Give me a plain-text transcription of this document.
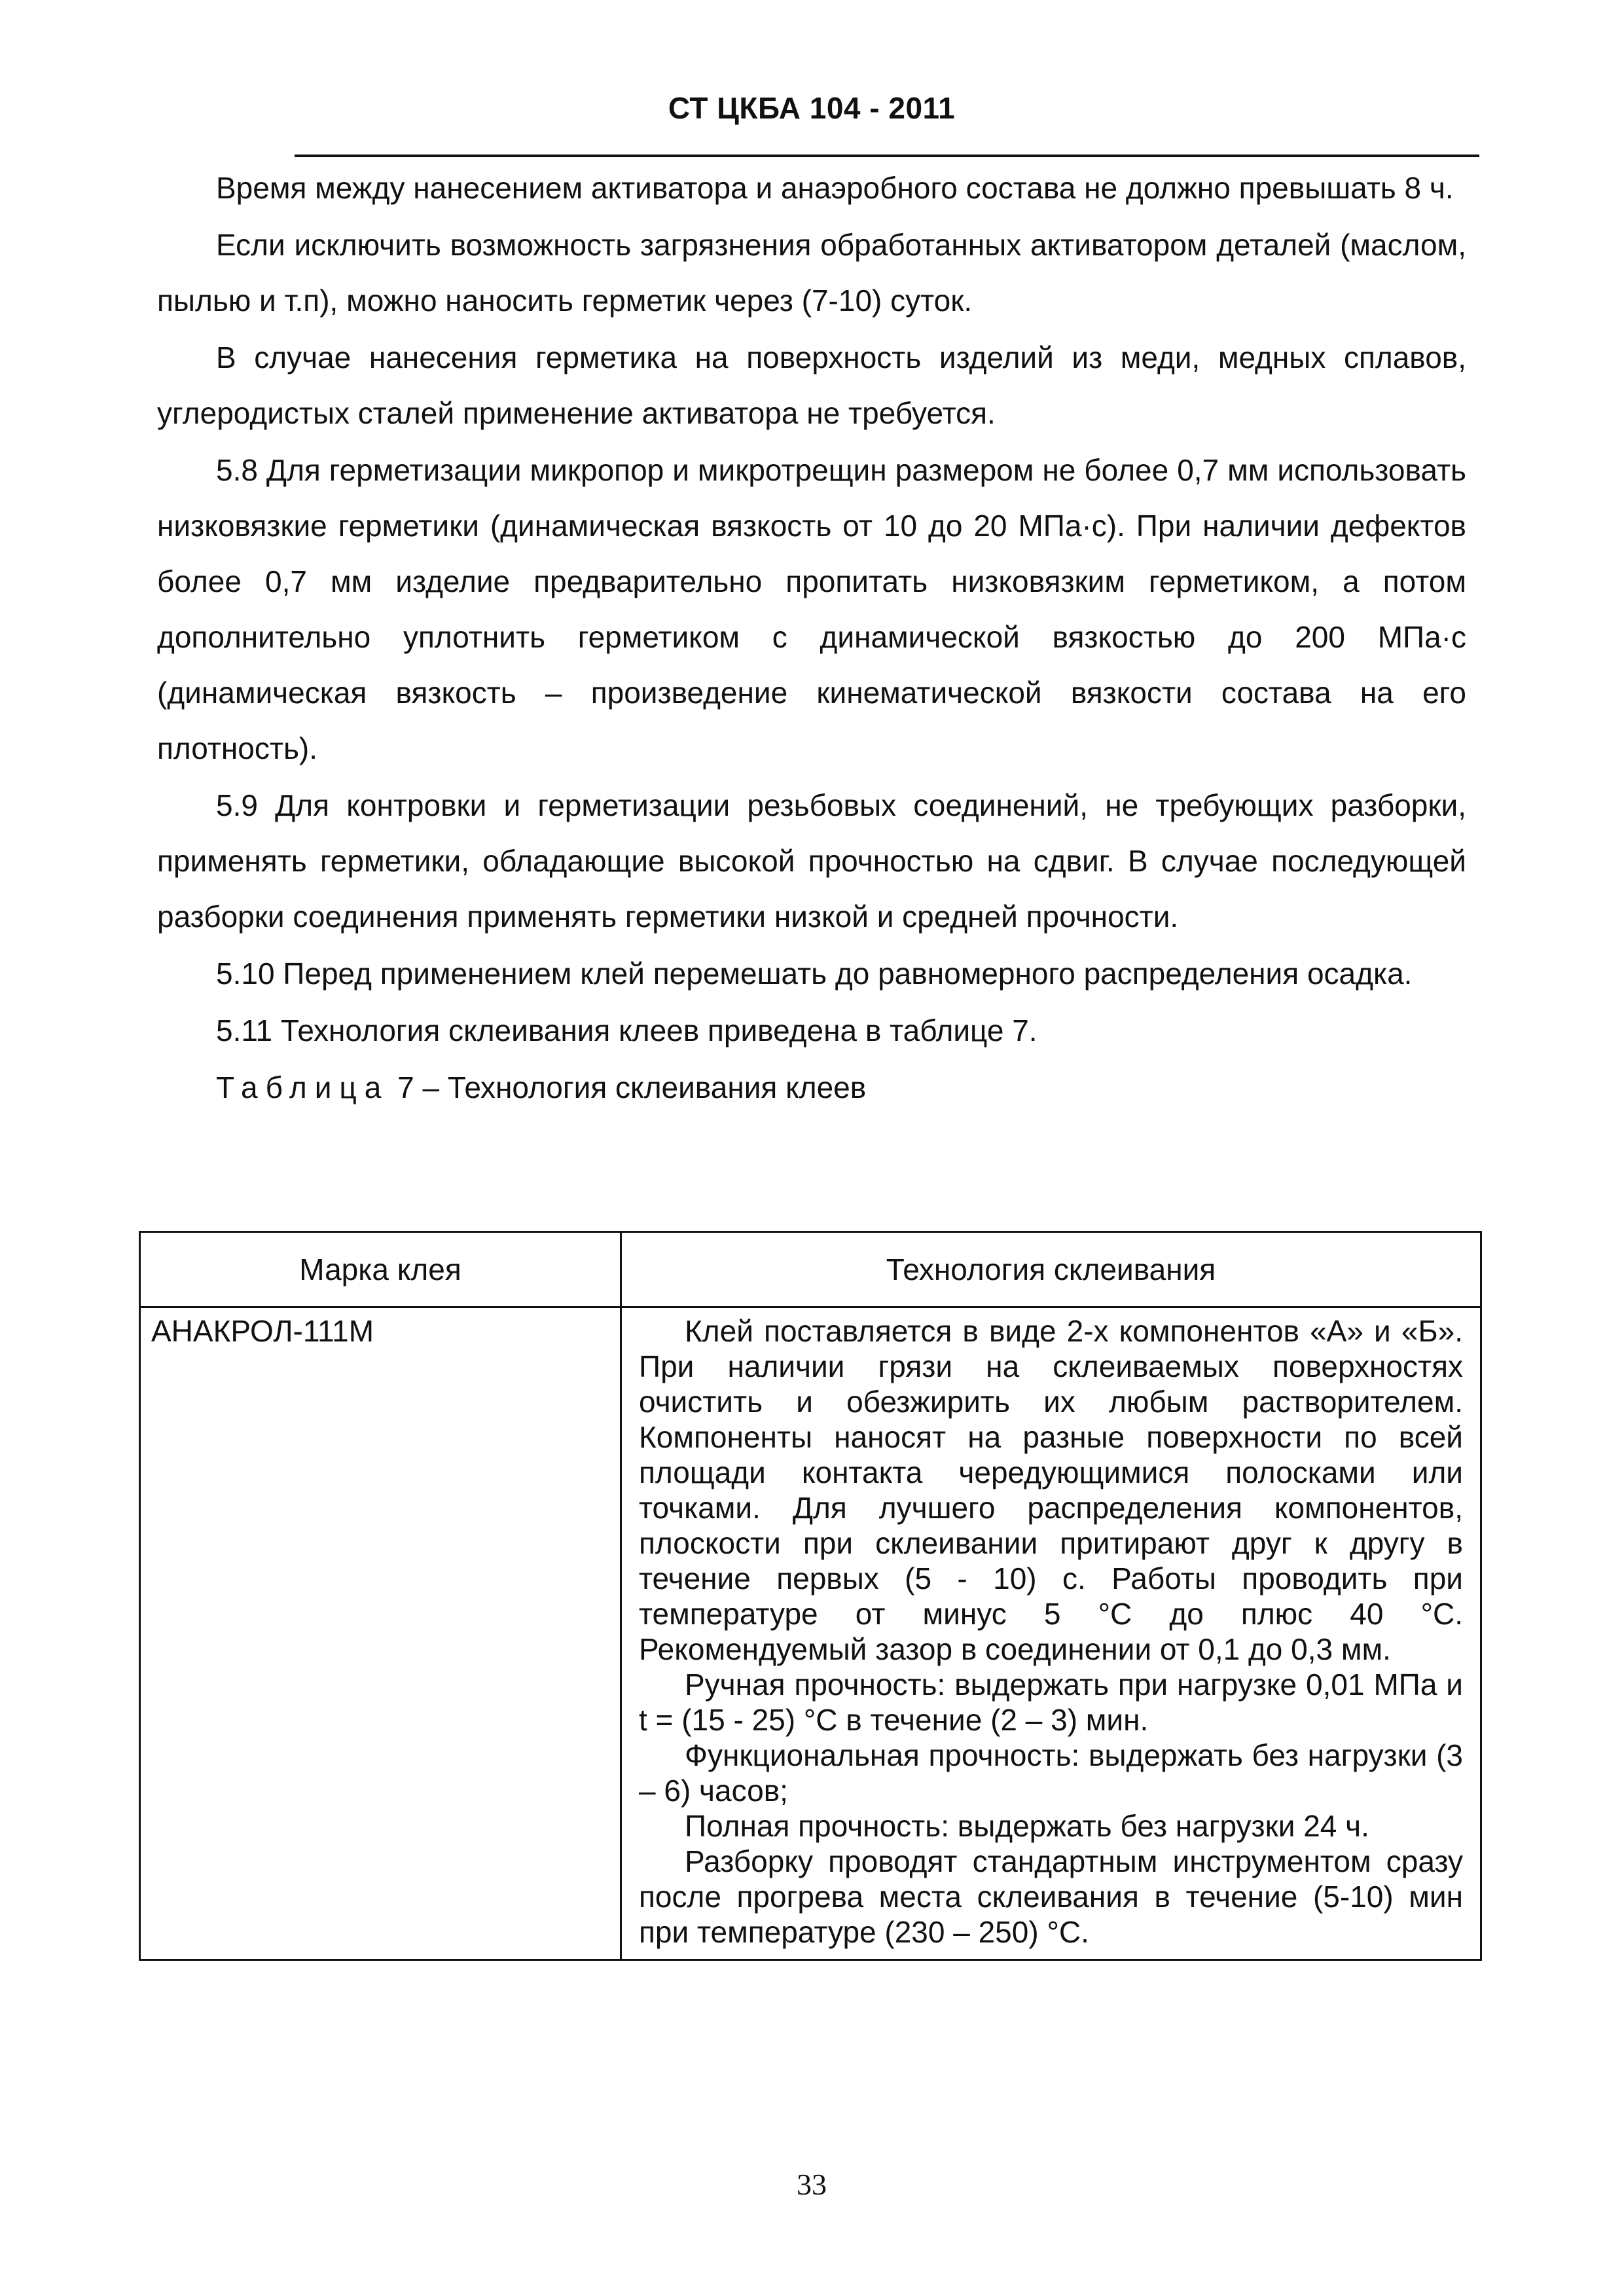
СТ ЦКБА 104 - 2011

Время между нанесением активатора и анаэробного состава не должно превышать 8 ч.

Если исключить возможность загрязнения обработанных активатором деталей (маслом, пылью и т.п), можно наносить герметик через (7-10) суток.

В случае нанесения герметика на поверхность изделий из меди, медных сплавов, углеродистых сталей применение активатора не требуется.

5.8 Для герметизации микропор и микротрещин размером не более 0,7 мм использовать низковязкие герметики (динамическая вязкость от 10 до 20 МПа·с). При наличии дефектов более 0,7 мм изделие предварительно пропитать низковязким герметиком, а потом дополнительно уплотнить герметиком с динамической вязкостью до 200 МПа·с (динамическая вязкость – произведение кинематической вязкости состава на его плотность).

5.9 Для контровки и герметизации резьбовых соединений, не требующих разборки, применять герметики, обладающие высокой прочностью на сдвиг. В случае последующей разборки соединения применять герметики низкой и средней прочности.

5.10 Перед применением клей перемешать до равномерного распределения осадка.

5.11 Технология склеивания клеев приведена в таблице 7.

Таблица 7 – Технология склеивания клеев
Марка клея	Технология склеивания
АНАКРОЛ-111М	Клей поставляется в виде 2-х компонентов «А» и «Б». При наличии грязи на склеиваемых поверхностях очистить и обезжирить их любым растворителем. Компоненты наносят на разные поверхности по всей площади контакта чередующимися полосками или точками. Для лучшего распределения компонентов, плоскости при склеивании притирают друг к другу в течение первых (5 - 10) с. Работы проводить при температуре от минус 5 °С до плюс 40 °С. Рекомендуемый зазор в соединении от 0,1 до 0,3 мм.

Ручная прочность: выдержать при нагрузке 0,01 МПа и t = (15 - 25) °С в течение (2 – 3) мин.

Функциональная прочность: выдержать без нагрузки (3 – 6) часов;

Полная прочность: выдержать без нагрузки 24 ч.

Разборку проводят стандартным инструментом сразу после прогрева места склеивания в течение (5-10) мин при температуре (230 – 250) °С.

33
